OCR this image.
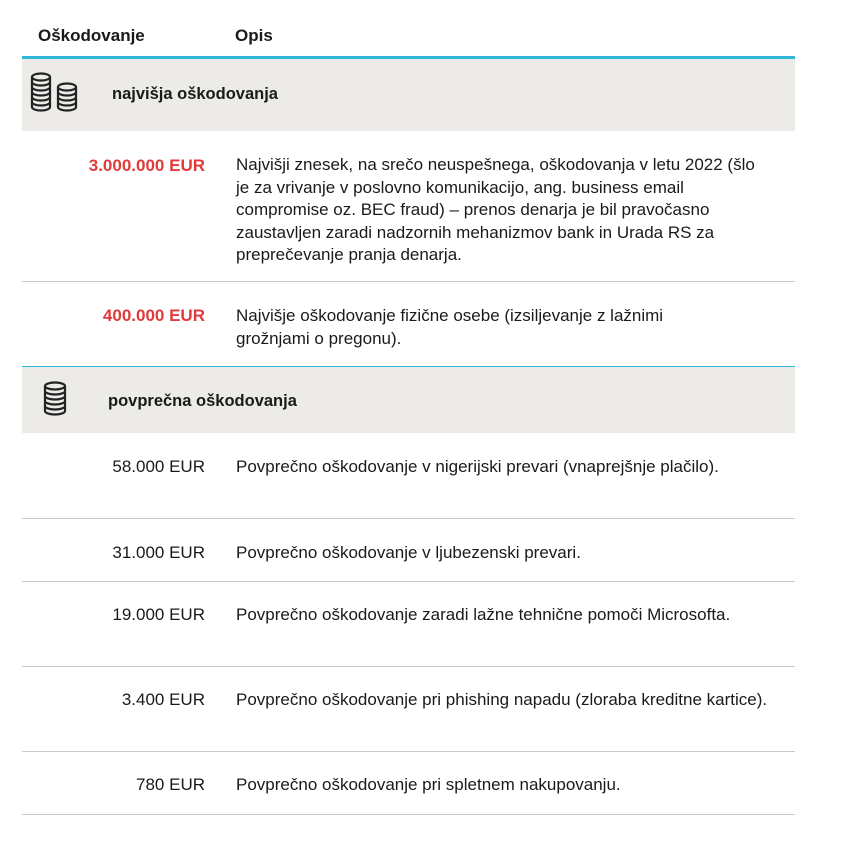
Oškodovanje	Opis
najvišja oškodovanja
3.000.000 EUR Najvišji znesek, na srečo neuspešnega, oškodovanja v letu 2022 (šlo je za vrivanje v poslovno komunikacijo, ang. business email compromise oz. BEC fraud) – prenos denarja je bil pravočasno zaustavljen zaradi nadzornih mehanizmov bank in Urada RS za preprečevanje pranja denarja.
400.000 EUR Najvišje oškodovanje fizične osebe (izsiljevanje z lažnimi grožnjami o pregonu).
povprečna oškodovanja
58.000 EUR Povprečno oškodovanje v nigerijski prevari (vnaprejšnje plačilo).
31.000 EUR Povprečno oškodovanje v ljubezenski prevari.
19.000 EUR Povprečno oškodovanje zaradi lažne tehnične pomoči Microsofta.
3.400 EUR Povprečno oškodovanje pri phishing napadu (zloraba kreditne kartice).
780 EUR Povprečno oškodovanje pri spletnem nakupovanju.
